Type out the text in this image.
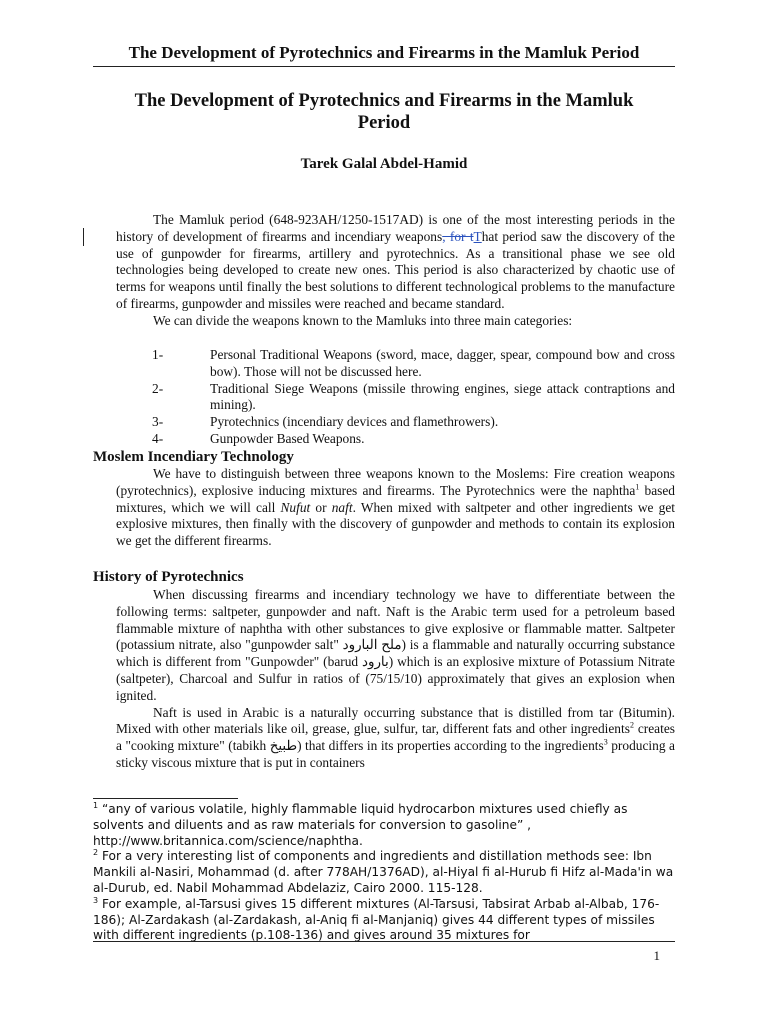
The Development of Pyrotechnics and Firearms in the Mamluk Period
The Development of Pyrotechnics and Firearms in the Mamluk
Period
Tarek Galal Abdel-Hamid

The Mamluk period (648-923AH/1250-1517AD) is one of the most interesting periods in the history of development of firearms and incendiary weapons, for tThat period saw the discovery of the use of gunpowder for firearms, artillery and pyrotechnics. As a transitional phase we see old technologies being developed to create new ones. This period is also characterized by chaotic use of terms for weapons until finally the best solutions to different technological problems to the manufacture of firearms, gunpowder and missiles were reached and became standard.

We can divide the weapons known to the Mamluks into three main categories:

1-	Personal Traditional Weapons (sword, mace, dagger, spear, compound bow and cross bow). Those will not be discussed here.
2-	Traditional Siege Weapons (missile throwing engines, siege attack contraptions and mining).
3-	Pyrotechnics (incendiary devices and flamethrowers).
4-	Gunpowder Based Weapons.
Moslem Incendiary Technology

We have to distinguish between three weapons known to the Moslems: Fire creation weapons (pyrotechnics), explosive inducing mixtures and firearms. The Pyrotechnics were the naphtha$^1$ based mixtures, which we will call Nufut or naft. When mixed with saltpeter and other ingredients we get explosive mixtures, then finally with the discovery of gunpowder and methods to contain its explosion we get the different firearms.

History of Pyrotechnics

When discussing firearms and incendiary technology we have to differentiate between the following terms: saltpeter, gunpowder and naft. Naft is the Arabic term used for a petroleum based flammable mixture of naphtha with other substances to give explosive or flammable matter. Saltpeter (potassium nitrate, also "gunpowder salt" ملح البارود) is a flammable and naturally occurring substance which is different from "Gunpowder" (barud بارود) which is an explosive mixture of Potassium Nitrate (saltpeter), Charcoal and Sulfur in ratios of (75/15/10) approximately that gives an explosion when ignited.

Naft is used in Arabic is a naturally occurring substance that is distilled from tar (Bitumin). Mixed with other materials like oil, grease, glue, sulfur, tar, different fats and other ingredients$^2$ creates a "cooking mixture" (tabikh طبيخ) that differs in its properties according to the ingredients$^3$ producing a sticky viscous mixture that is put in containers

$^1$ “any of various volatile, highly flammable liquid hydrocarbon mixtures used chiefly as solvents and diluents and as raw materials for conversion to gasoline” , http://www.britannica.com/science/naphtha.

$^2$ For a very interesting list of components and ingredients and distillation methods see: Ibn Mankili al-Nasiri, Mohammad (d. after 778AH/1376AD), al-Hiyal fi al-Hurub fi Hifz al-Mada'in wa al-Durub, ed. Nabil Mohammad Abdelaziz, Cairo 2000. 115-128.

$^3$ For example, al-Tarsusi gives 15 different mixtures (Al-Tarsusi, Tabsirat Arbab al-Albab, 176-186); Al-Zardakash (al-Zardakash, al-Aniq fi al-Manjaniq) gives 44 different types of missiles with different ingredients (p.108-136) and gives around 35 mixtures for

1
